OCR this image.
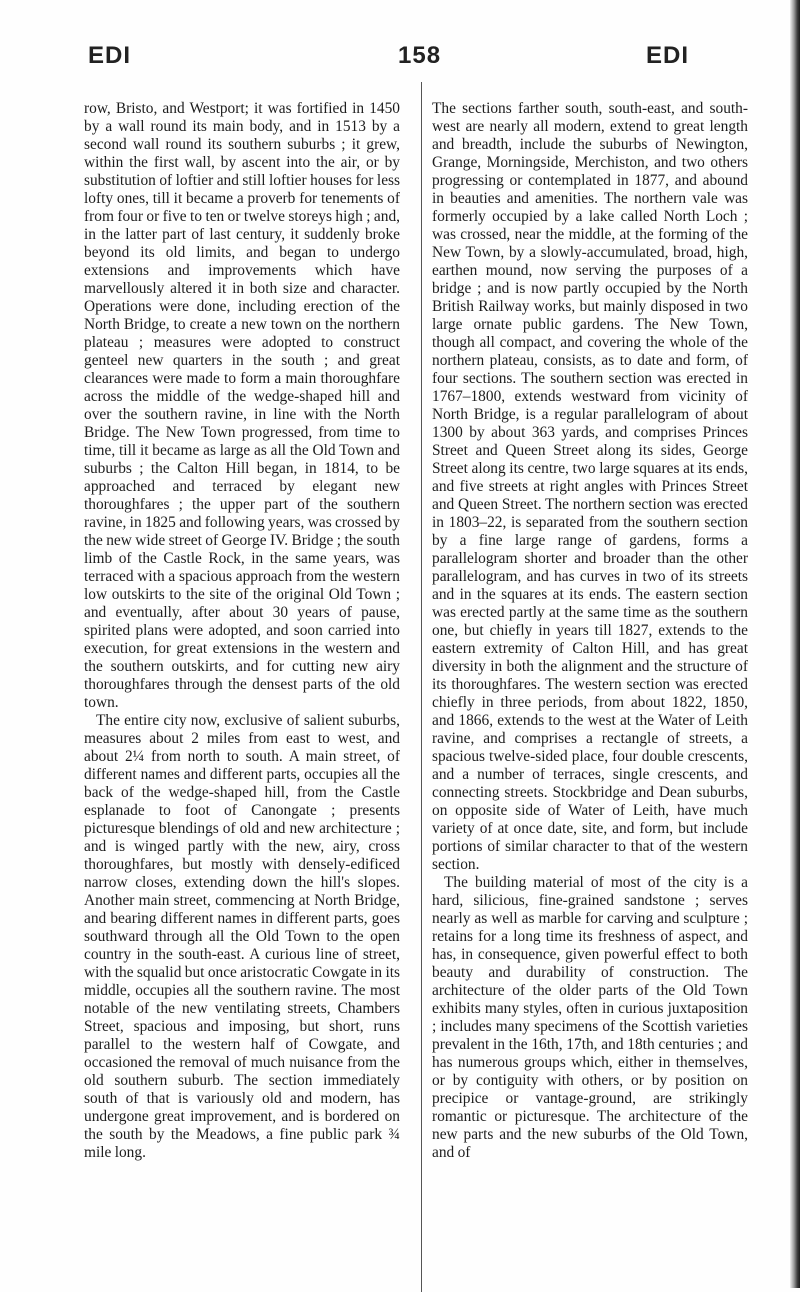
EDI	158	EDI

row, Bristo, and Westport; it was fortified in 1450 by a wall round its main body, and in 1513 by a second wall round its southern suburbs ; it grew, within the first wall, by ascent into the air, or by substitution of loftier and still loftier houses for less lofty ones, till it became a proverb for tenements of from four or five to ten or twelve storeys high ; and, in the latter part of last century, it suddenly broke beyond its old limits, and began to undergo extensions and improvements which have marvellously altered it in both size and character. Operations were done, including erection of the North Bridge, to create a new town on the northern plateau ; measures were adopted to construct genteel new quarters in the south ; and great clearances were made to form a main thoroughfare across the middle of the wedge-shaped hill and over the southern ravine, in line with the North Bridge. The New Town progressed, from time to time, till it became as large as all the Old Town and suburbs ; the Calton Hill began, in 1814, to be approached and terraced by elegant new thoroughfares ; the upper part of the southern ravine, in 1825 and following years, was crossed by the new wide street of George IV. Bridge ; the south limb of the Castle Rock, in the same years, was terraced with a spacious approach from the western low outskirts to the site of the original Old Town ; and eventually, after about 30 years of pause, spirited plans were adopted, and soon carried into execution, for great extensions in the western and the southern outskirts, and for cutting new airy thoroughfares through the densest parts of the old town.

The entire city now, exclusive of salient suburbs, measures about 2 miles from east to west, and about 2¼ from north to south. A main street, of different names and different parts, occupies all the back of the wedge-shaped hill, from the Castle esplanade to foot of Canongate ; presents picturesque blendings of old and new architecture ; and is winged partly with the new, airy, cross thoroughfares, but mostly with densely-edificed narrow closes, extending down the hill's slopes. Another main street, commencing at North Bridge, and bearing different names in different parts, goes southward through all the Old Town to the open country in the south-east. A curious line of street, with the squalid but once aristocratic Cowgate in its middle, occupies all the southern ravine. The most notable of the new ventilating streets, Chambers Street, spacious and imposing, but short, runs parallel to the western half of Cowgate, and occasioned the removal of much nuisance from the old southern suburb. The section immediately south of that is variously old and modern, has undergone great improvement, and is bordered on the south by the Meadows, a fine public park ¾ mile long.

The sections farther south, south-east, and south-west are nearly all modern, extend to great length and breadth, include the suburbs of Newington, Grange, Morningside, Merchiston, and two others progressing or contemplated in 1877, and abound in beauties and amenities. The northern vale was formerly occupied by a lake called North Loch ; was crossed, near the middle, at the forming of the New Town, by a slowly-accumulated, broad, high, earthen mound, now serving the purposes of a bridge ; and is now partly occupied by the North British Railway works, but mainly disposed in two large ornate public gardens. The New Town, though all compact, and covering the whole of the northern plateau, consists, as to date and form, of four sections. The southern section was erected in 1767–1800, extends westward from vicinity of North Bridge, is a regular parallelogram of about 1300 by about 363 yards, and comprises Princes Street and Queen Street along its sides, George Street along its centre, two large squares at its ends, and five streets at right angles with Princes Street and Queen Street. The northern section was erected in 1803–22, is separated from the southern section by a fine large range of gardens, forms a parallelogram shorter and broader than the other parallelogram, and has curves in two of its streets and in the squares at its ends. The eastern section was erected partly at the same time as the southern one, but chiefly in years till 1827, extends to the eastern extremity of Calton Hill, and has great diversity in both the alignment and the structure of its thoroughfares. The western section was erected chiefly in three periods, from about 1822, 1850, and 1866, extends to the west at the Water of Leith ravine, and comprises a rectangle of streets, a spacious twelve-sided place, four double crescents, and a number of terraces, single crescents, and connecting streets. Stockbridge and Dean suburbs, on opposite side of Water of Leith, have much variety of at once date, site, and form, but include portions of similar character to that of the western section.

The building material of most of the city is a hard, silicious, fine-grained sandstone ; serves nearly as well as marble for carving and sculpture ; retains for a long time its freshness of aspect, and has, in consequence, given powerful effect to both beauty and durability of construction. The architecture of the older parts of the Old Town exhibits many styles, often in curious juxtaposition ; includes many specimens of the Scottish varieties prevalent in the 16th, 17th, and 18th centuries ; and has numerous groups which, either in themselves, or by contiguity with others, or by position on precipice or vantage-ground, are strikingly romantic or picturesque. The architecture of the new parts and the new suburbs of the Old Town, and of
